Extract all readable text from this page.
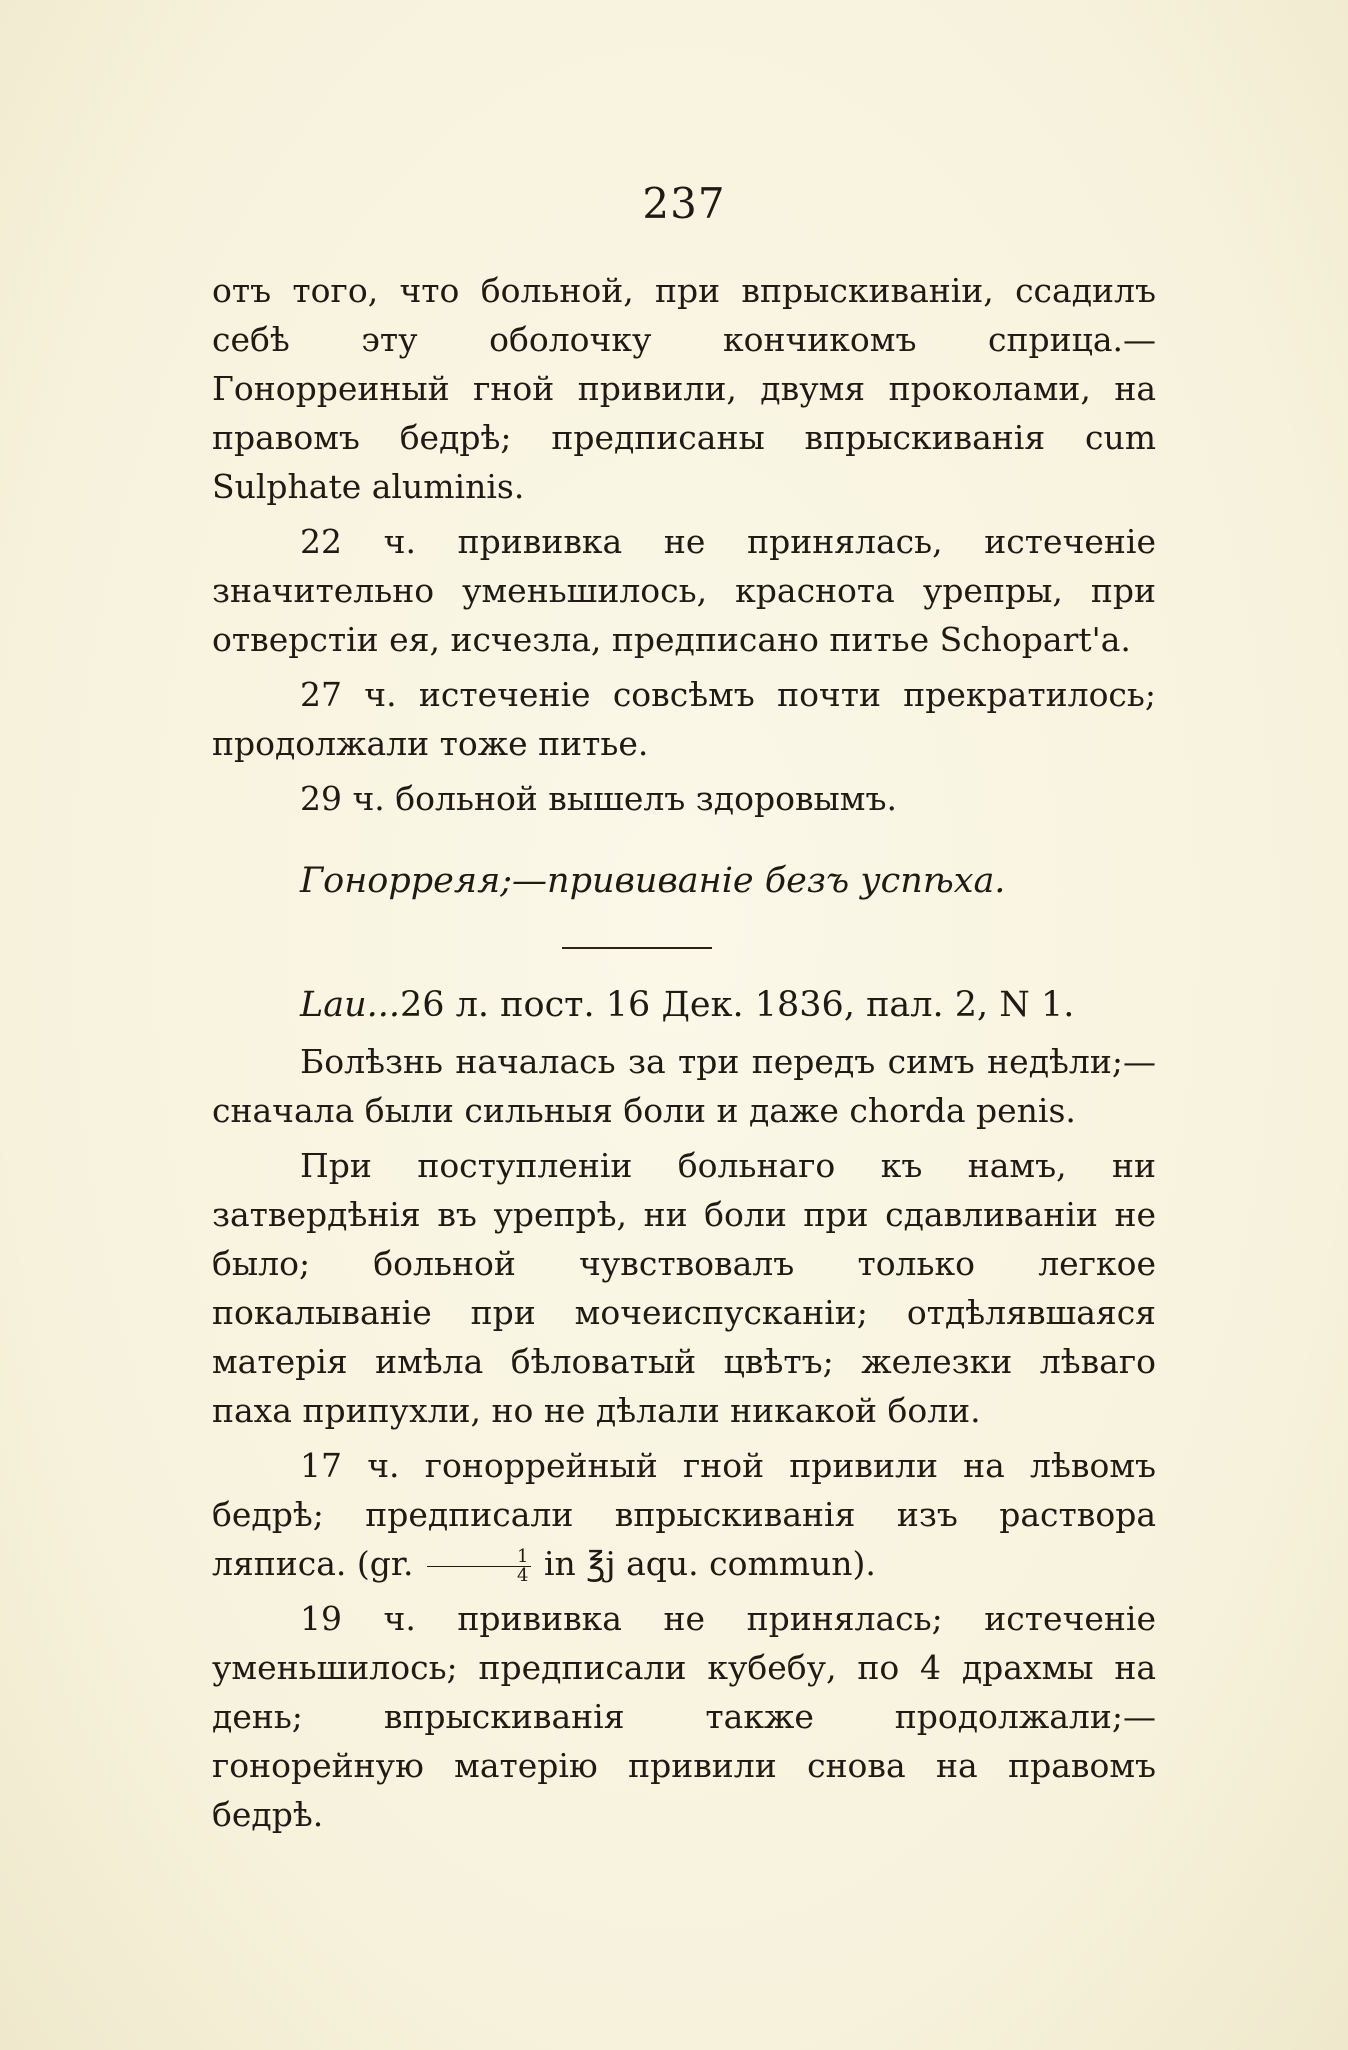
237

отъ того, что больной, при впрыскиванiи, ссадилъ себѣ эту оболочку кончикомъ сприца.— Гонорреиный гной привили, двумя проколами, на правомъ бедрѣ; предписаны впрыскиванiя cum Sulphate aluminis.

22 ч. прививка не принялась, истеченiе значительно уменьшилось, краснота урепры, при отверстiи ея, исчезла, предписано питье Schopart'a.

27 ч. истеченiе совсѣмъ почти прекратилось; продолжали тоже питье.

29 ч. больной вышелъ здоровымъ.

Гонорреяя;—прививанiе безъ успѣха.

Lau...26 л. пост. 16 Дек. 1836, пал. 2, N 1.

Болѣзнь началась за три передъ симъ недѣли;—сначала были сильныя боли и даже chorda penis.

При поступленiи больнаго къ намъ, ни затвердѣнiя въ урепрѣ, ни боли при сдавливанiи не было; больной чувствовалъ только легкое покалыванiе при мочеиспусканiи; отдѣлявшаяся матерiя имѣла бѣловатый цвѣтъ; железки лѣваго паха припухли, но не дѣлали никакой боли.

17 ч. гоноррейный гной привили на лѣвомъ бедрѣ; предписали впрыскиванiя изъ раствора ляписа. (gr. $\frac{1}{4}$ in ℥j aqu. commun).

19 ч. прививка не принялась; истеченiе уменьшилось; предписали кубебу, по 4 драхмы на день; впрыскиванiя также продолжали;—гонорейную матерiю привили снова на правомъ бедрѣ.
